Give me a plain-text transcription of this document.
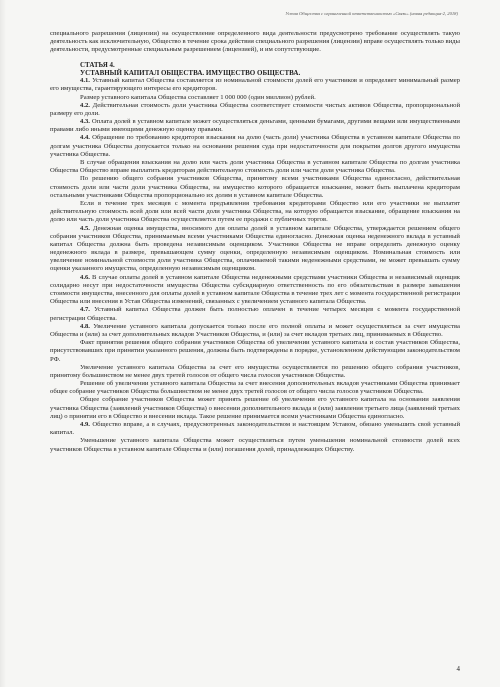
Устав Общества с ограниченной ответственностью «Связь» (новая редакция-2, 2018)

специального разрешения (лицензии) на осуществление определенного вида деятельности предусмотрено требование осуществлять такую деятельность как исключительную, Общество в течение срока действия специального разрешения (лицензии) вправе осуществлять только виды деятельности, предусмотренные специальным разрешением (лицензией), и им сопутствующие.

СТАТЬЯ 4.

УСТАВНЫЙ КАПИТАЛ ОБЩЕСТВА. ИМУЩЕСТВО ОБЩЕСТВА.

4.1. Уставный капитал Общества составляется из номинальной стоимости долей его участников и определяет минимальный размер его имущества, гарантирующего интересы его кредиторов.

Размер уставного капитала Общества составляет 1 000 000 (один миллион) рублей.

4.2. Действительная стоимость доли участника Общества соответствует стоимости чистых активов Общества, пропорциональной размеру его доли.

4.3. Оплата долей в уставном капитале может осуществляться деньгами, ценными бумагами, другими вещами или имущественными правами либо иными имеющими денежную оценку правами.

4.4. Обращение по требованию кредиторов взыскания на долю (часть доли) участника Общества в уставном капитале Общества по долгам участника Общества допускается только на основании решения суда при недостаточности для покрытия долгов другого имущества участника Общества.

В случае обращения взыскания на долю или часть доли участника Общества в уставном капитале Общества по долгам участника Общества Общество вправе выплатить кредиторам действительную стоимость доли или части доли участника Общества.

По решению общего собрания участников Общества, принятому всеми участниками Общества единогласно, действительная стоимость доли или части доли участника Общества, на имущество которого обращается взыскание, может быть выплачена кредиторам остальными участниками Общества пропорционально их долям в уставном капитале Общества.

Если в течение трех месяцев с момента предъявления требования кредиторами Общество или его участники не выплатят действительную стоимость всей доли или всей части доли участника Общества, на которую обращается взыскание, обращение взыскания на долю или часть доли участника Общества осуществляется путем ее продажи с публичных торгов.

4.5. Денежная оценка имущества, вносимого для оплаты долей в уставном капитале Общества, утверждается решением общего собрания участников Общества, принимаемым всеми участниками Общества единогласно. Денежная оценка неденежного вклада в уставный капитал Общества должна быть проведена независимым оценщиком. Участники Общества не вправе определять денежную оценку неденежного вклада в размере, превышающем сумму оценки, определенную независимым оценщиком. Номинальная стоимость или увеличение номинальной стоимости доли участника Общества, оплачиваемой такими неденежными средствами, не может превышать сумму оценки указанного имущества, определенную независимым оценщиком.

4.6. В случае оплаты долей в уставном капитале Общества неденежными средствами участники Общества и независимый оценщик солидарно несут при недостаточности имущества Общества субсидиарную ответственность по его обязательствам в размере завышения стоимости имущества, внесенного для оплаты долей в уставном капитале Общества в течение трех лет с момента государственной регистрации Общества или внесения в Устав Общества изменений, связанных с увеличением уставного капитала Общества.

4.7. Уставный капитал Общества должен быть полностью оплачен в течение четырех месяцев с момента государственной регистрации Общества.

4.8. Увеличение уставного капитала допускается только после его полной оплаты и может осуществляться за счет имущества Общества и (или) за счет дополнительных вкладов Участников Общества, и (или) за счет вкладов третьих лиц, принимаемых в Общество.

Факт принятия решения общего собрания участников Общества об увеличении уставного капитала и состав участников Общества, присутствовавших при принятии указанного решения, должны быть подтверждены в порядке, установленном действующим законодательством РФ.

Увеличение уставного капитала Общества за счет его имущества осуществляется по решению общего собрания участников, принятому большинством не менее двух третей голосов от общего числа голосов участников Общества.

Решение об увеличении уставного капитала Общества за счет внесения дополнительных вкладов участниками Общества принимает общее собрание участников Общества большинством не менее двух третей голосов от общего числа голосов участников Общества.

Общее собрание участников Общества может принять решение об увеличении его уставного капитала на основании заявления участника Общества (заявлений участников Общества) о внесении дополнительного вклада и (или) заявления третьего лица (заявлений третьих лиц) о принятии его в Общество и внесении вклада. Такое решение принимается всеми участниками Общества единогласно.

4.9. Общество вправе, а в случаях, предусмотренных законодательством и настоящим Уставом, обязано уменьшить свой уставный капитал.

Уменьшение уставного капитала Общества может осуществляться путем уменьшения номинальной стоимости долей всех участников Общества в уставном капитале Общества и (или) погашения долей, принадлежащих Обществу.

4
